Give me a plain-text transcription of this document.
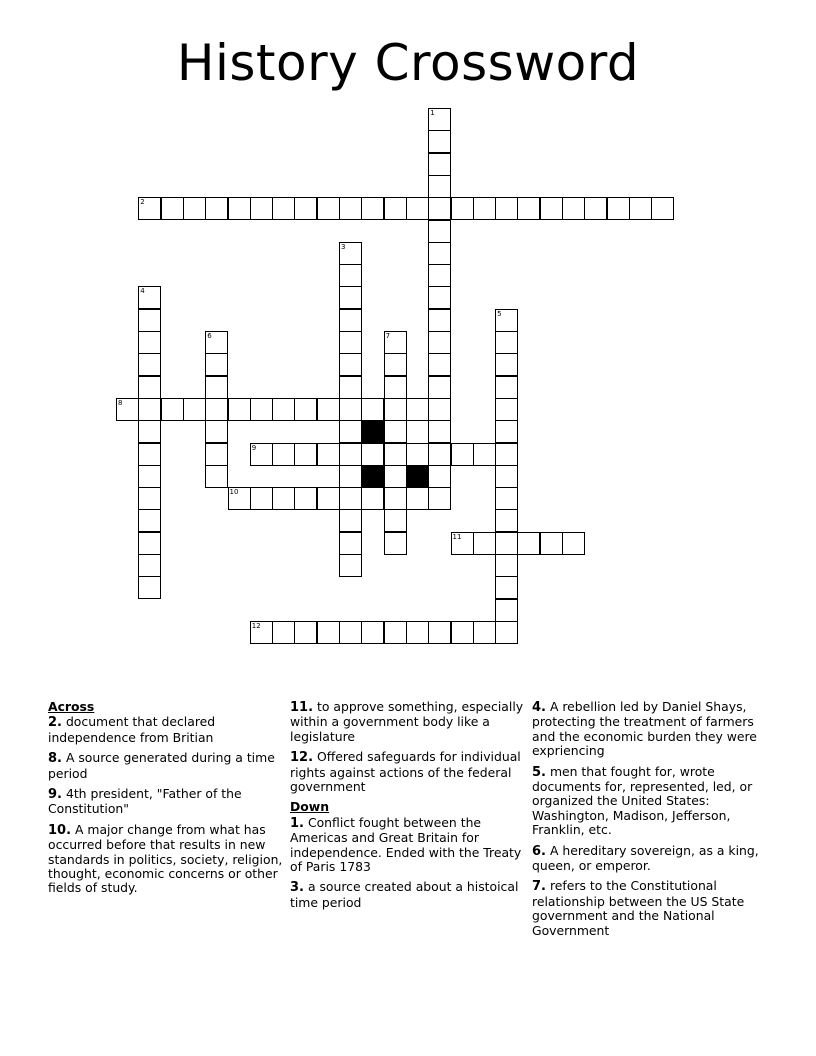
History Crossword
1
2
3
4
5
6	7
8
9
10
11
12
Across
2. document that declared independence from Britian
8. A source generated during a time period
9. 4th president, "Father of the Constitution"
10. A major change from what has occurred before that results in new standards in politics, society, religion, thought, economic concerns or other fields of study.
11. to approve something, especially within a government body like a legislature
12. Offered safeguards for individual rights against actions of the federal government
Down
1. Conflict fought between the Americas and Great Britain for independence. Ended with the Treaty of Paris 1783
3. a source created about a histoical time period
4. A rebellion led by Daniel Shays, protecting the treatment of farmers and the economic burden they were expriencing
5. men that fought for, wrote documents for, represented, led, or organized the United States: Washington, Madison, Jefferson, Franklin, etc.
6. A hereditary sovereign, as a king, queen, or emperor.
7. refers to the Constitutional relationship between the US State government and the National Government
